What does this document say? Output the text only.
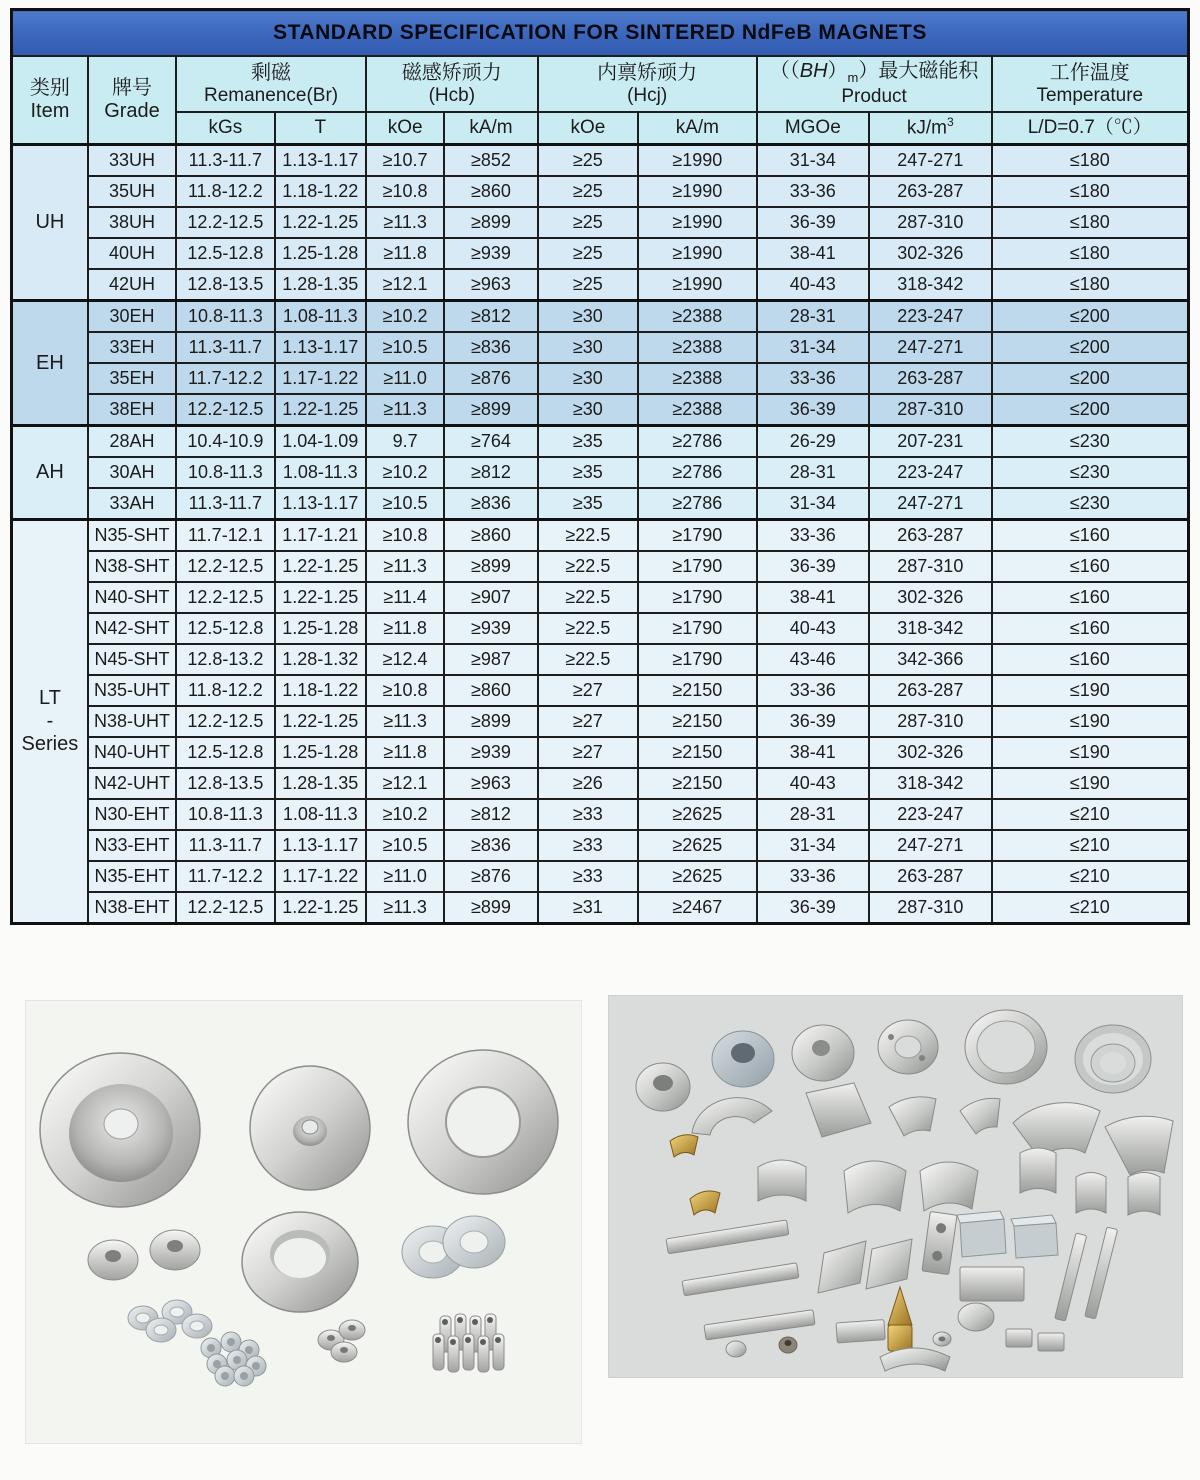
STANDARD SPECIFICATION FOR SINTERED NdFeB MAGNETS										

类别
Item

牌号
Grade

剩磁
Remanence(Br)

磁感矫顽力
(Hcb)

内禀矫顽力
(Hcj)

$((BH)_m)$最大磁能积
Product

工作温度
Temperature

		kGs	T	kOe	kA/m	kOe	kA/m	MGOe	$kJ/m^3$	L/D=0.7（℃）
UH	33UH	11.3-11.7	1.13-1.17	≥10.7	≥852	≥25	≥1990	31-34	247-271	≤180
	35UH	11.8-12.2	1.18-1.22	≥10.8	≥860	≥25	≥1990	33-36	263-287	≤180
	38UH	12.2-12.5	1.22-1.25	≥11.3	≥899	≥25	≥1990	36-39	287-310	≤180
	40UH	12.5-12.8	1.25-1.28	≥11.8	≥939	≥25	≥1990	38-41	302-326	≤180
	42UH	12.8-13.5	1.28-1.35	≥12.1	≥963	≥25	≥1990	40-43	318-342	≤180
EH	30EH	10.8-11.3	1.08-11.3	≥10.2	≥812	≥30	≥2388	28-31	223-247	≤200
	33EH	11.3-11.7	1.13-1.17	≥10.5	≥836	≥30	≥2388	31-34	247-271	≤200
	35EH	11.7-12.2	1.17-1.22	≥11.0	≥876	≥30	≥2388	33-36	263-287	≤200
	38EH	12.2-12.5	1.22-1.25	≥11.3	≥899	≥30	≥2388	36-39	287-310	≤200
AH	28AH	10.4-10.9	1.04-1.09	9.7	≥764	≥35	≥2786	26-29	207-231	≤230
	30AH	10.8-11.3	1.08-11.3	≥10.2	≥812	≥35	≥2786	28-31	223-247	≤230
	33AH	11.3-11.7	1.13-1.17	≥10.5	≥836	≥35	≥2786	31-34	247-271	≤230
LT
-
Series	N35-SHT	11.7-12.1	1.17-1.21	≥10.8	≥860	≥22.5	≥1790	33-36	263-287	≤160
	N38-SHT	12.2-12.5	1.22-1.25	≥11.3	≥899	≥22.5	≥1790	36-39	287-310	≤160
	N40-SHT	12.2-12.5	1.22-1.25	≥11.4	≥907	≥22.5	≥1790	38-41	302-326	≤160
	N42-SHT	12.5-12.8	1.25-1.28	≥11.8	≥939	≥22.5	≥1790	40-43	318-342	≤160
	N45-SHT	12.8-13.2	1.28-1.32	≥12.4	≥987	≥22.5	≥1790	43-46	342-366	≤160
	N35-UHT	11.8-12.2	1.18-1.22	≥10.8	≥860	≥27	≥2150	33-36	263-287	≤190
	N38-UHT	12.2-12.5	1.22-1.25	≥11.3	≥899	≥27	≥2150	36-39	287-310	≤190
	N40-UHT	12.5-12.8	1.25-1.28	≥11.8	≥939	≥27	≥2150	38-41	302-326	≤190
	N42-UHT	12.8-13.5	1.28-1.35	≥12.1	≥963	≥26	≥2150	40-43	318-342	≤190
	N30-EHT	10.8-11.3	1.08-11.3	≥10.2	≥812	≥33	≥2625	28-31	223-247	≤210
	N33-EHT	11.3-11.7	1.13-1.17	≥10.5	≥836	≥33	≥2625	31-34	247-271	≤210
	N35-EHT	11.7-12.2	1.17-1.22	≥11.0	≥876	≥33	≥2625	33-36	263-287	≤210
	N38-EHT	12.2-12.5	1.22-1.25	≥11.3	≥899	≥31	≥2467	36-39	287-310	≤210
